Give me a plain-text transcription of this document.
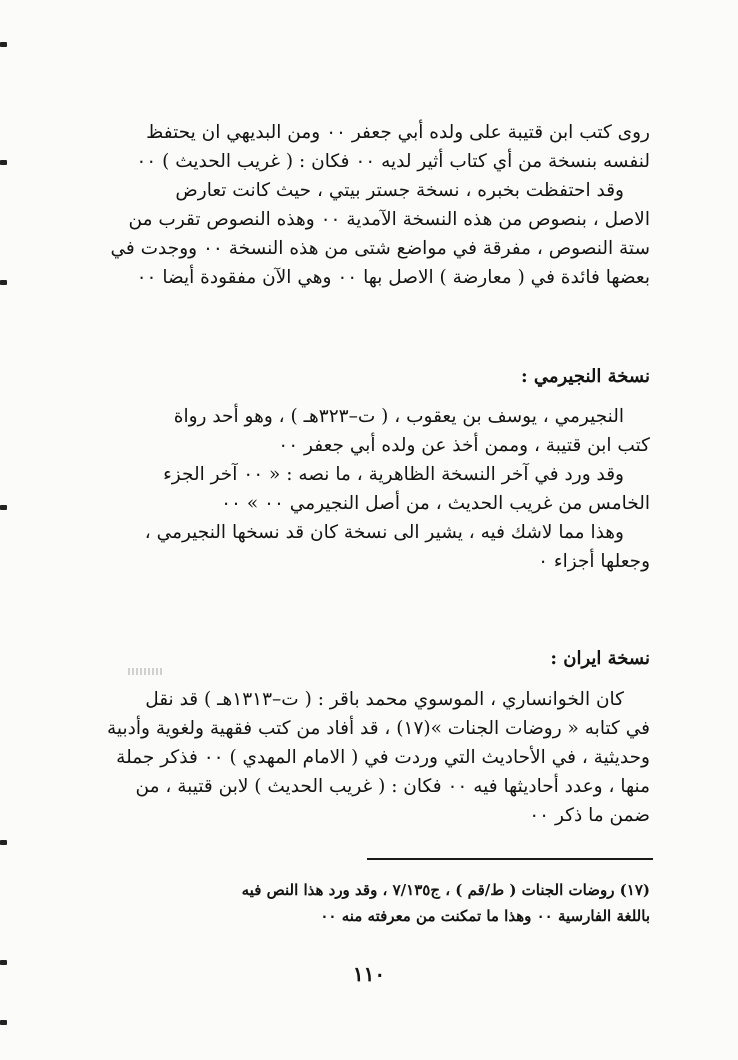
روى كتب ابن قتيبة على ولده أبي جعفر ٠٠ ومن البديهي ان يحتفظ
لنفسه بنسخة من أي كتاب أثير لديه ٠٠ فكان : ( غريب الحديث ) ٠٠
وقد احتفظت بخبره ، نسخة جستر بيتي ، حيث كانت تعارض
الاصل ، بنصوص من هذه النسخة الآمدية ٠٠ وهذه النصوص تقرب من
ستة النصوص ، مفرقة في مواضع شتى من هذه النسخة ٠٠ ووجدت في
بعضها فائدة في ( معارضة ) الاصل بها ٠٠ وهي الآن مفقودة أيضا ٠٠
نسخة النجيرمي :
النجيرمي ، يوسف بن يعقوب ، ( ت–٣٢٣هـ ) ، وهو أحد رواة
كتب ابن قتيبة ، وممن أخذ عن ولده أبي جعفر ٠٠
وقد ورد في آخر النسخة الظاهرية ، ما نصه : « ٠٠ آخر الجزء
الخامس من غريب الحديث ، من أصل النجيرمي ٠٠ » ٠٠
وهذا مما لاشك فيه ، يشير الى نسخة كان قد نسخها النجيرمي ،
وجعلها أجزاء ٠
نسخة ايران :
كان الخوانساري ، الموسوي محمد باقر : ( ت–١٣١٣هـ ) قد نقل
في كتابه « روضات الجنات »(١٧) ، قد أفاد من كتب فقهية ولغوية وأدبية
وحديثية ، في الأحاديث التي وردت في ( الامام المهدي ) ٠٠ فذكر جملة
منها ، وعدد أحاديثها فيه ٠٠ فكان : ( غريب الحديث ) لابن قتيبة ، من
ضمن ما ذكر ٠٠
(١٧) روضات الجنات ( ط/قم ) ، ج٧/١٣٥ ، وقد ورد هذا النص فيه
باللغة الفارسية ٠٠ وهذا ما تمكنت من معرفته منه ٠٠
١١٠
